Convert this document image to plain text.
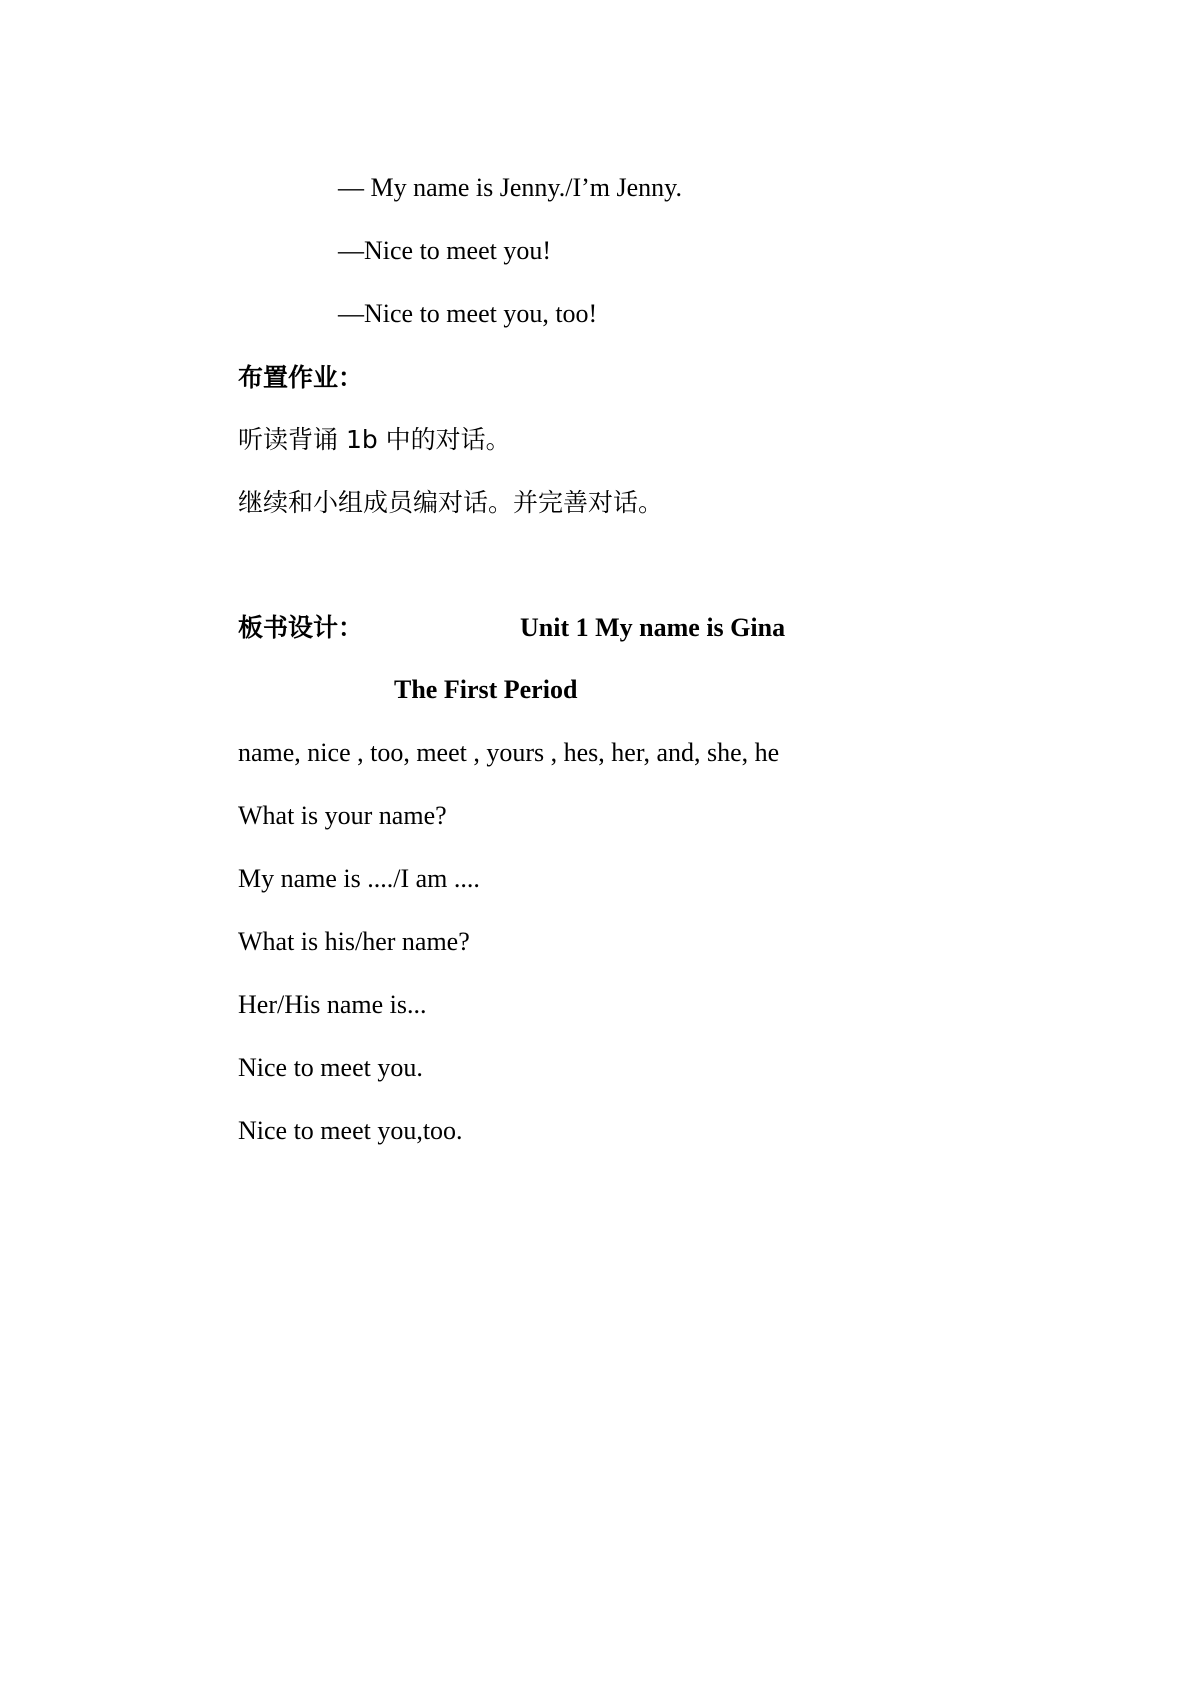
— My name is Jenny./I’m Jenny.
—Nice to meet you!
—Nice to meet you, too!
布置作业：
听读背诵 1b 中的对话。
继续和小组成员编对话。并完善对话。
板书设计：	Unit 1 My name is Gina
The First Period
name, nice , too, meet , yours , hes, her, and, she, he
What is your name?
My name is ..../I am ....
What is his/her name?
Her/His name is...
Nice to meet you.
Nice to meet you,too.
